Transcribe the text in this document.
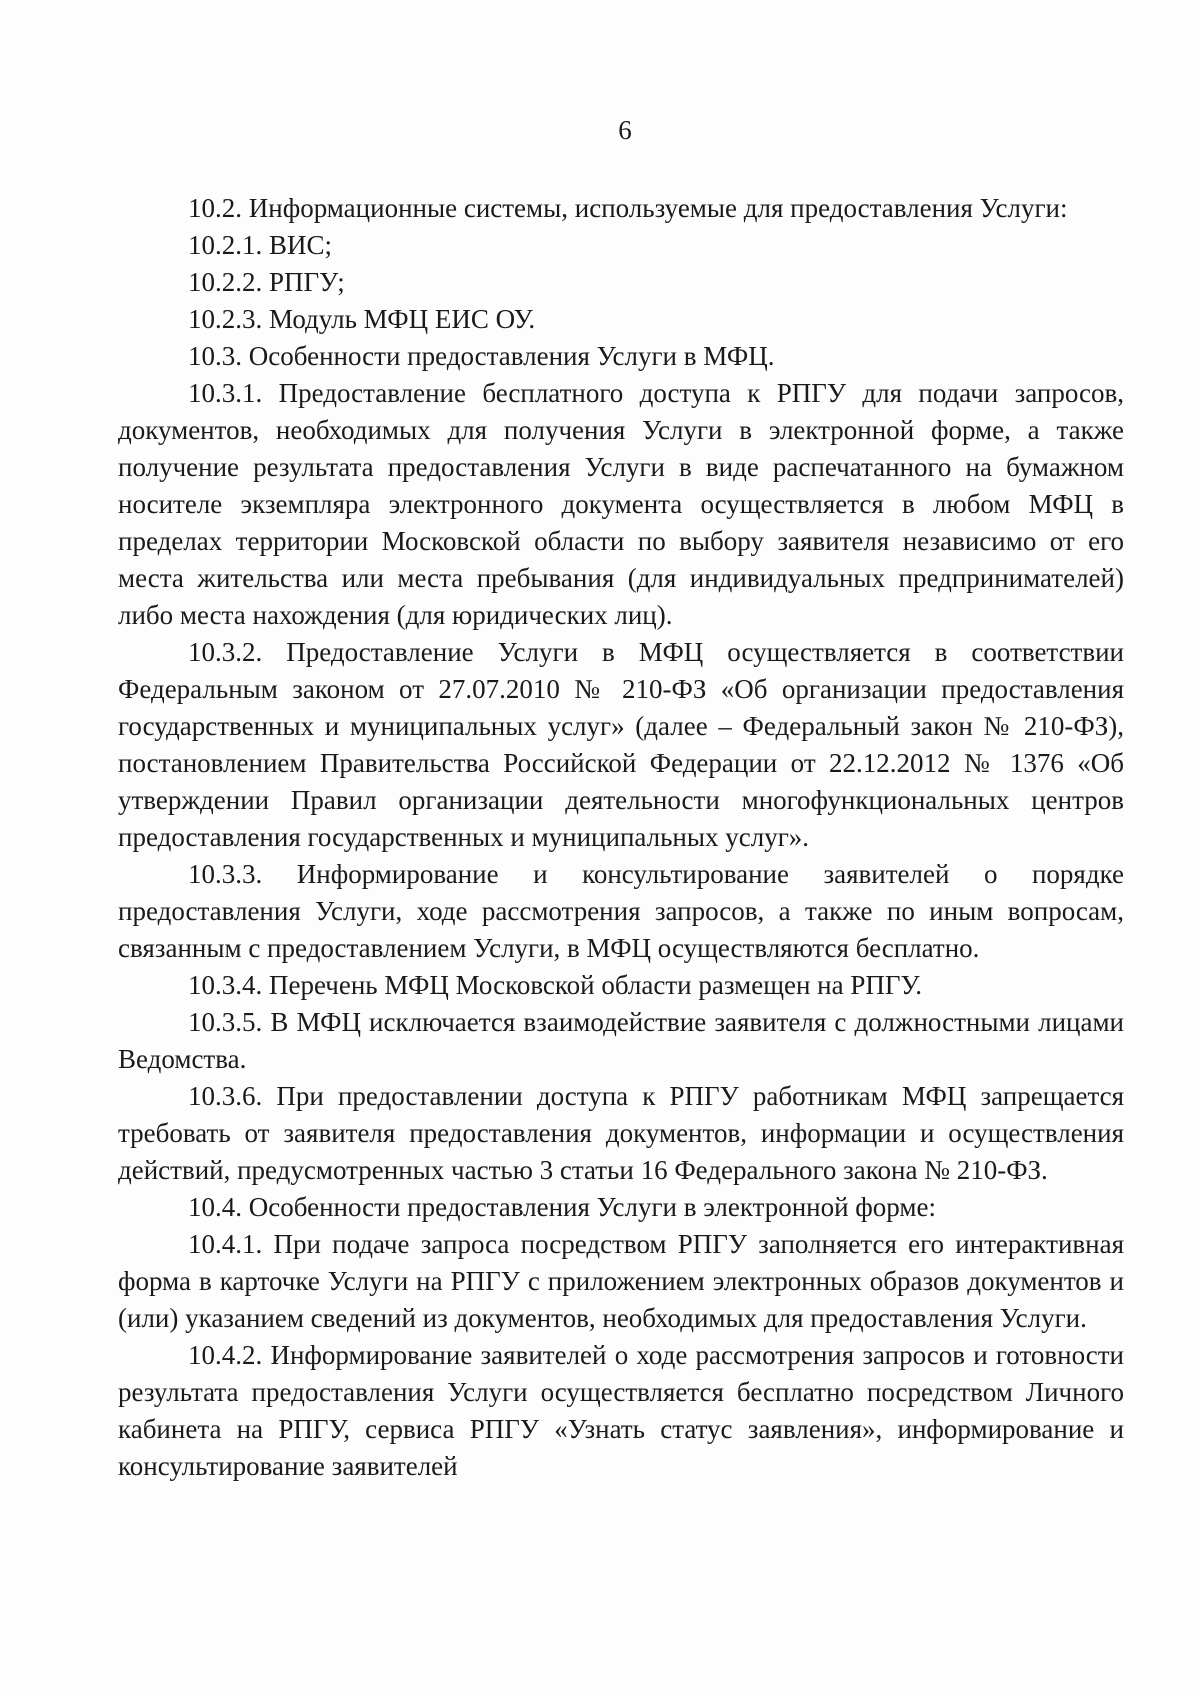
6

10.2. Информационные системы, используемые для предоставления Услуги:

10.2.1. ВИС;

10.2.2. РПГУ;

10.2.3. Модуль МФЦ ЕИС ОУ.

10.3. Особенности предоставления Услуги в МФЦ.

10.3.1. Предоставление бесплатного доступа к РПГУ для подачи запросов, документов, необходимых для получения Услуги в электронной форме, а также получение результата предоставления Услуги в виде распечатанного на бумажном носителе экземпляра электронного документа осуществляется в любом МФЦ в пределах территории Московской области по выбору заявителя независимо от его места жительства или места пребывания (для индивидуальных предпринимателей) либо места нахождения (для юридических лиц).

10.3.2. Предоставление Услуги в МФЦ осуществляется в соответствии Федеральным законом от 27.07.2010 № 210-ФЗ «Об организации предоставления государственных и муниципальных услуг» (далее – Федеральный закон № 210-ФЗ), постановлением Правительства Российской Федерации от 22.12.2012 № 1376 «Об утверждении Правил организации деятельности многофункциональных центров предоставления государственных и муниципальных услуг».

10.3.3. Информирование и консультирование заявителей о порядке предоставления Услуги, ходе рассмотрения запросов, а также по иным вопросам, связанным с предоставлением Услуги, в МФЦ осуществляются бесплатно.

10.3.4. Перечень МФЦ Московской области размещен на РПГУ.

10.3.5. В МФЦ исключается взаимодействие заявителя с должностными лицами Ведомства.

10.3.6. При предоставлении доступа к РПГУ работникам МФЦ запрещается требовать от заявителя предоставления документов, информации и осуществления действий, предусмотренных частью 3 статьи 16 Федерального закона № 210-ФЗ.

10.4. Особенности предоставления Услуги в электронной форме:

10.4.1. При подаче запроса посредством РПГУ заполняется его интерактивная форма в карточке Услуги на РПГУ с приложением электронных образов документов и (или) указанием сведений из документов, необходимых для предоставления Услуги.

10.4.2. Информирование заявителей о ходе рассмотрения запросов и готовности результата предоставления Услуги осуществляется бесплатно посредством Личного кабинета на РПГУ, сервиса РПГУ «Узнать статус заявления», информирование и консультирование заявителей
